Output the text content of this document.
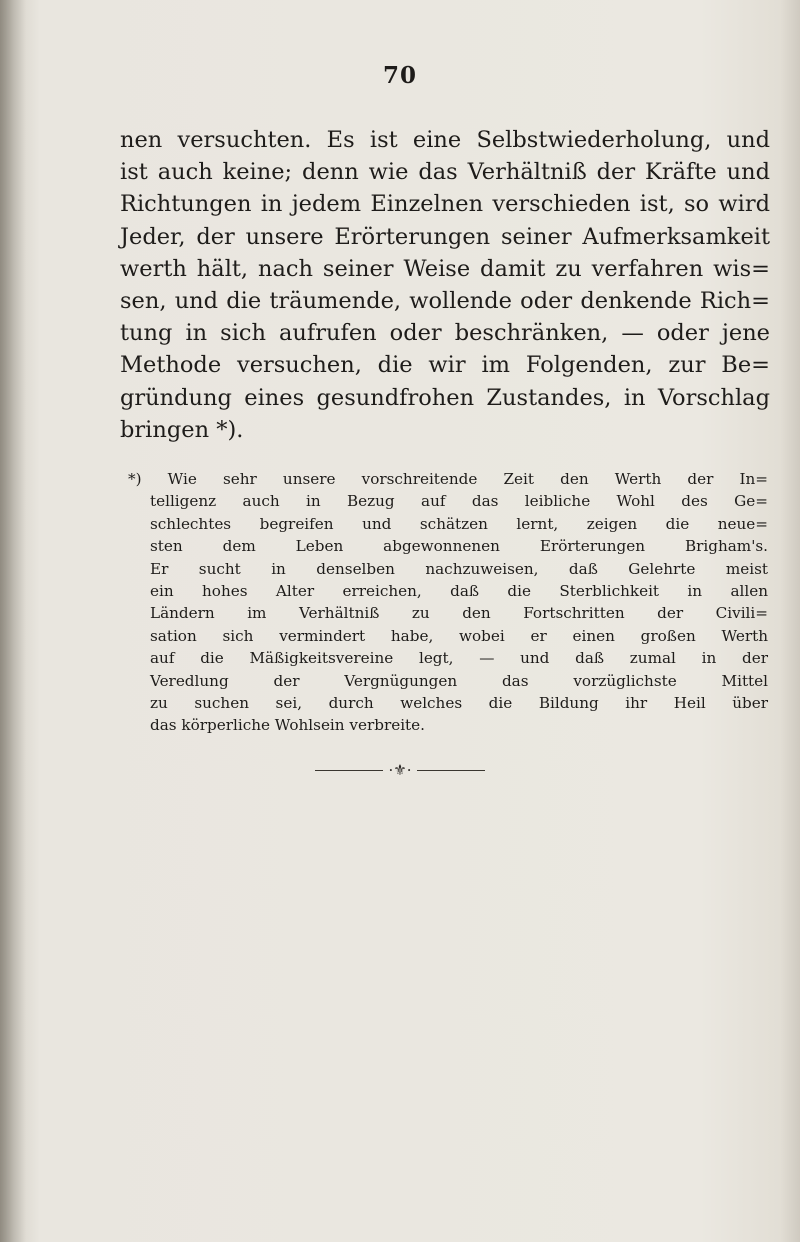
70
nen versuchten. Es ist eine Selbstwiederholung, und
ist auch keine; denn wie das Verhältniß der Kräfte und
Richtungen in jedem Einzelnen verschieden ist, so wird
Jeder, der unsere Erörterungen seiner Aufmerksamkeit
werth hält, nach seiner Weise damit zu verfahren wis=
sen, und die träumende, wollende oder denkende Rich=
tung in sich aufrufen oder beschränken, — oder jene
Methode versuchen, die wir im Folgenden, zur Be=
gründung eines gesundfrohen Zustandes, in Vorschlag
bringen *).
*) Wie sehr unsere vorschreitende Zeit den Werth der In=
telligenz auch in Bezug auf das leibliche Wohl des Ge=
schlechtes begreifen und schätzen lernt, zeigen die neue=
sten dem Leben abgewonnenen Erörterungen Brigham's.
Er sucht in denselben nachzuweisen, daß Gelehrte meist
ein hohes Alter erreichen, daß die Sterblichkeit in allen
Ländern im Verhältniß zu den Fortschritten der Civili=
sation sich vermindert habe, wobei er einen großen Werth
auf die Mäßigkeitsvereine legt, — und daß zumal in der
Veredlung der Vergnügungen das vorzüglichste Mittel
zu suchen sei, durch welches die Bildung ihr Heil über
das körperliche Wohlsein verbreite.
·⚜·
